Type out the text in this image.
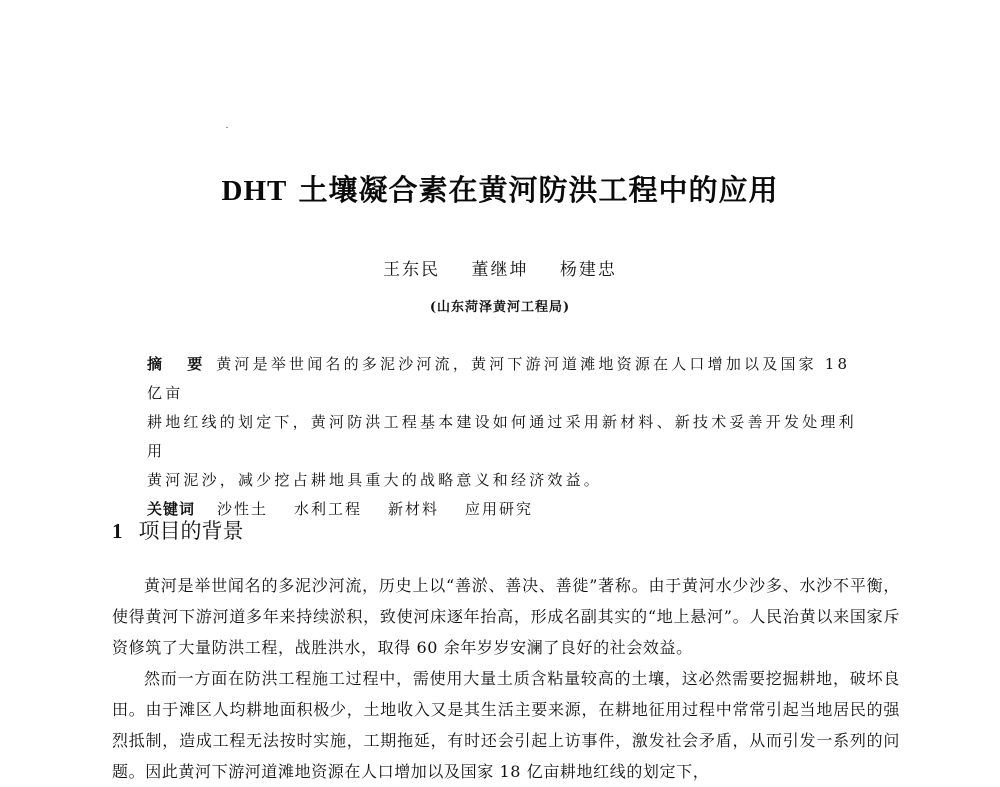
DHT 土壤凝合素在黄河防洪工程中的应用
王东民 董继坤 杨建忠
(山东菏泽黄河工程局)
摘 要 黄河是举世闻名的多泥沙河流，黄河下游河道滩地资源在人口增加以及国家 18 亿亩
耕地红线的划定下，黄河防洪工程基本建设如何通过采用新材料、新技术妥善开发处理利用
黄河泥沙，减少挖占耕地具重大的战略意义和经济效益。
关键词 沙性土 水利工程 新材料 应用研究
1 项目的背景

黄河是举世闻名的多泥沙河流，历史上以“善淤、善决、善徙”著称。由于黄河水少沙多、水沙不平衡，使得黄河下游河道多年来持续淤积，致使河床逐年抬高，形成名副其实的“地上悬河”。人民治黄以来国家斥资修筑了大量防洪工程，战胜洪水，取得 60 余年岁岁安澜了良好的社会效益。

然而一方面在防洪工程施工过程中，需使用大量土质含粘量较高的土壤，这必然需要挖掘耕地，破坏良田。由于滩区人均耕地面积极少，土地收入又是其生活主要来源，在耕地征用过程中常常引起当地居民的强烈抵制，造成工程无法按时实施，工期拖延，有时还会引起上访事件，激发社会矛盾，从而引发一系列的问题。因此黄河下游河道滩地资源在人口增加以及国家 18 亿亩耕地红线的划定下，
